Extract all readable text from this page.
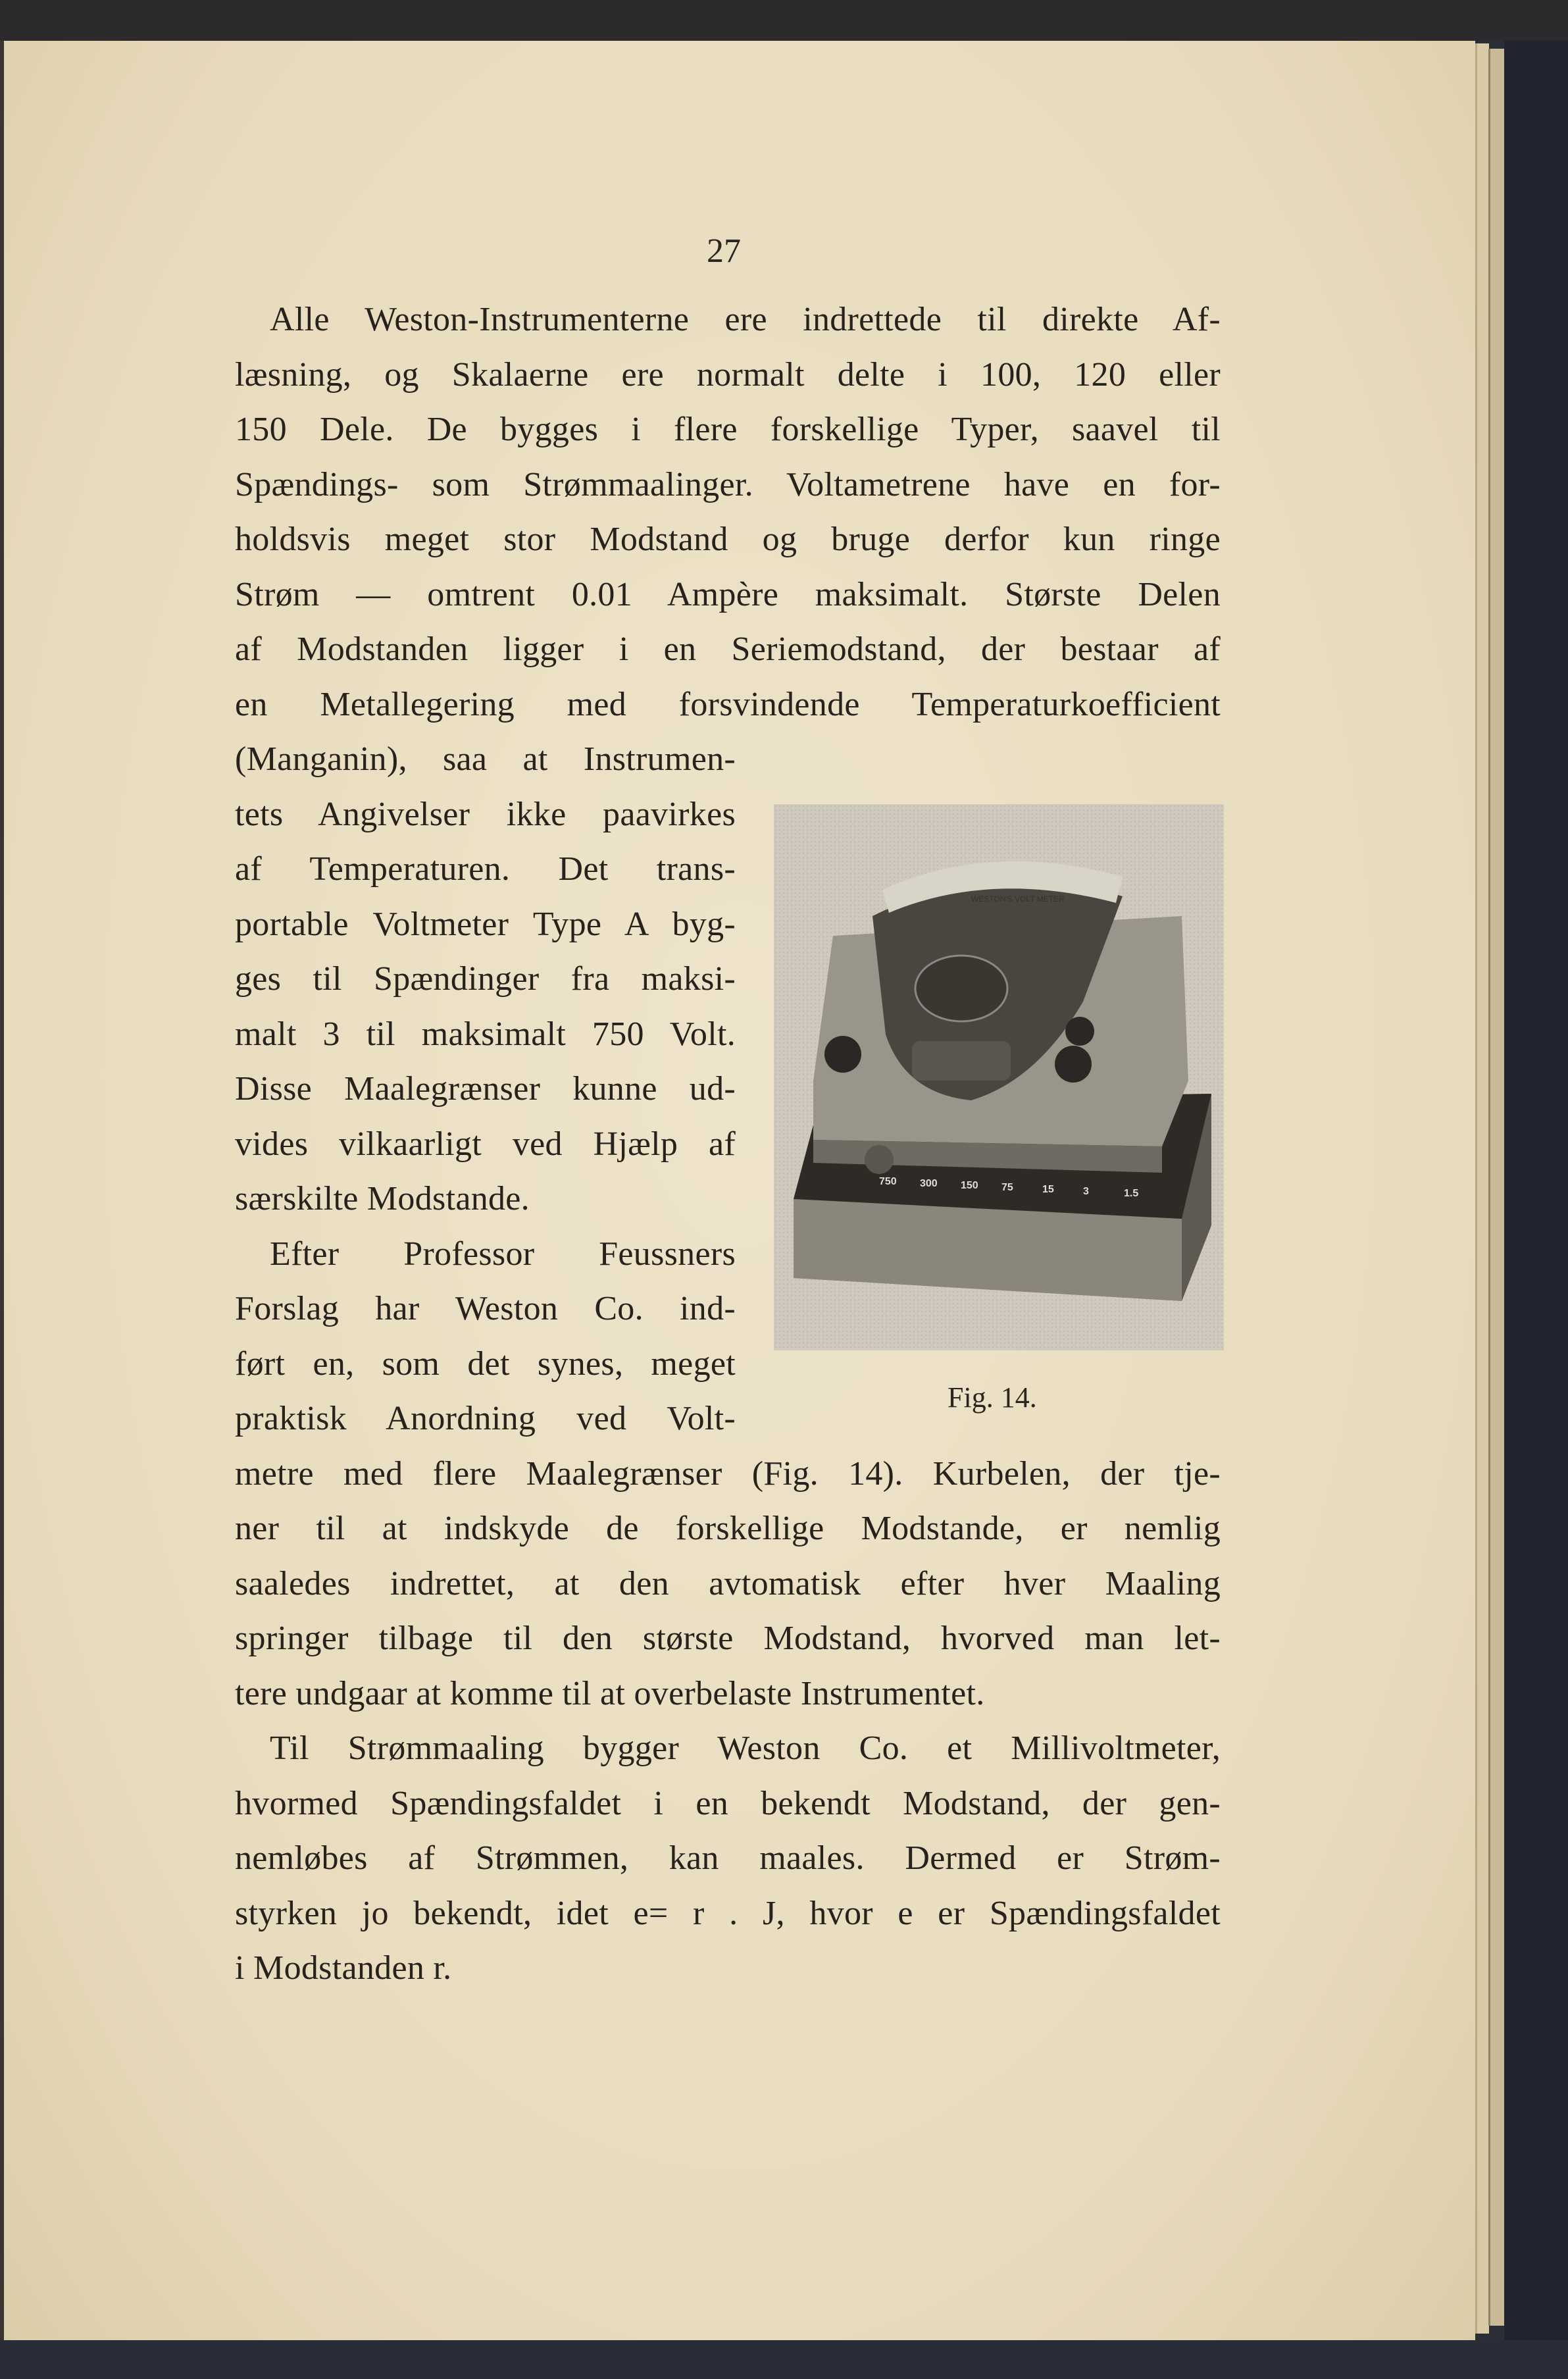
27
Alle Weston-Instrumenterne ere indrettede til direkte Af-
læsning, og Skalaerne ere normalt delte i 100, 120 eller
150 Dele. De bygges i flere forskellige Typer, saavel til
Spændings- som Strømmaalinger. Voltametrene have en for-
holdsvis meget stor Modstand og bruge derfor kun ringe
Strøm — omtrent 0.01 Ampère maksimalt. Største Delen
af Modstanden ligger i en Seriemodstand, der bestaar af
en Metallegering med forsvindende Temperaturkoefficient
(Manganin), saa at Instrumen-
tets Angivelser ikke paavirkes
af Temperaturen. Det trans-
portable Voltmeter Type A byg-
ges til Spændinger fra maksi-
malt 3 til maksimalt 750 Volt.
Disse Maalegrænser kunne ud-
vides vilkaarligt ved Hjælp af
særskilte Modstande.
Efter Professor Feussners
Forslag har Weston Co. ind-
ført en, som det synes, meget
praktisk Anordning ved Volt-
metre med flere Maalegrænser (Fig. 14). Kurbelen, der tje-
ner til at indskyde de forskellige Modstande, er nemlig
saaledes indrettet, at den avtomatisk efter hver Maaling
springer tilbage til den største Modstand, hvorved man let-
tere undgaar at komme til at overbelaste Instrumentet.
Til Strømmaaling bygger Weston Co. et Millivoltmeter,
hvormed Spændingsfaldet i en bekendt Modstand, der gen-
nemløbes af Strømmen, kan maales. Dermed er Strøm-
styrken jo bekendt, idet e= r . J, hvor e er Spændingsfaldet
i Modstanden r.
WESTON'S VOLT METER
750 300 150 75	15	3	1.5
Fig. 14.
